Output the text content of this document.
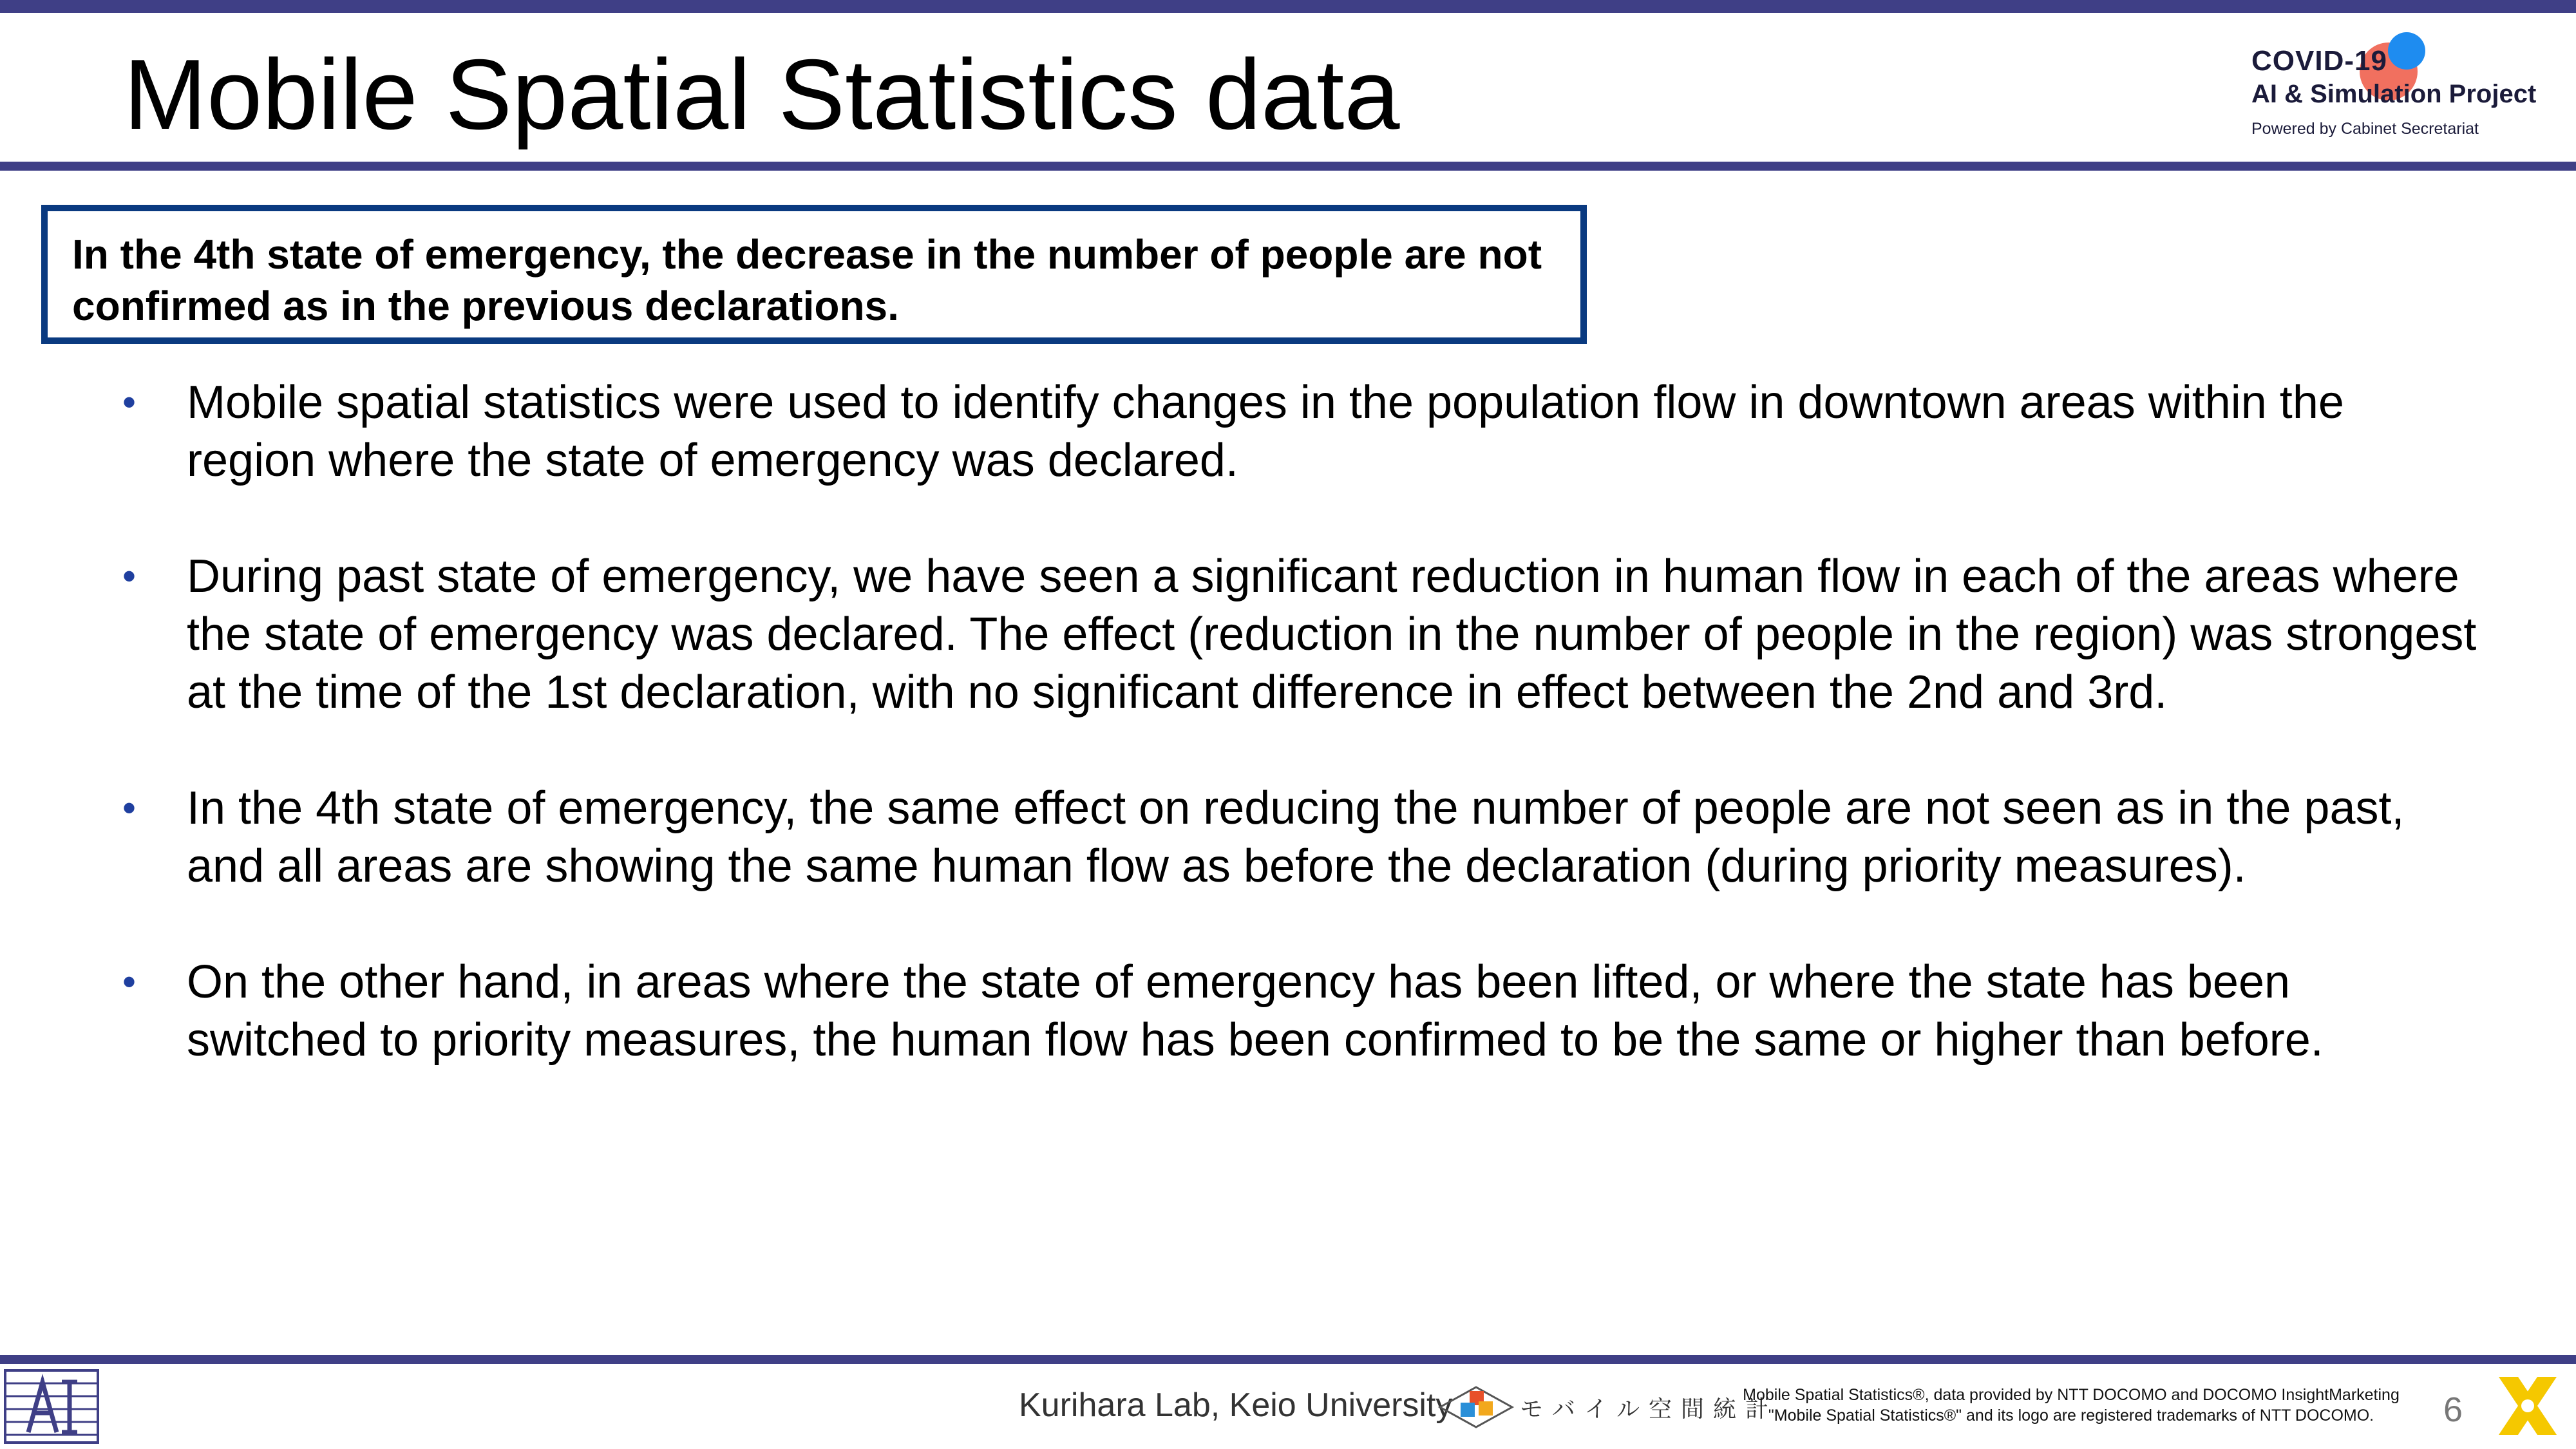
Mobile Spatial Statistics data	COVID-19
AI & Simulation Project
Powered by Cabinet Secretariat

In the 4th state of emergency, the decrease in the number of people are not confirmed as in the previous declarations.

• Mobile spatial statistics were used to identify changes in the population flow in downtown areas within the region where the state of emergency was declared.
• During past state of emergency, we have seen a significant reduction in human flow in each of the areas where the state of emergency was declared. The effect (reduction in the number of people in the region) was strongest at the time of the 1st declaration, with no significant difference in effect between the 2nd and 3rd.
• In the 4th state of emergency, the same effect on reducing the number of people are not seen as in the past, and all areas are showing the same human flow as before the declaration (during priority measures).
• On the other hand, in areas where the state of emergency has been lifted, or where the state has been switched to priority measures, the human flow has been confirmed to be the same or higher than before.
Kurihara Lab, Keio University	モバイル空間統計
Mobile Spatial Statistics®, data provided by NTT DOCOMO and DOCOMO InsightMarketing
"Mobile Spatial Statistics®" and its logo are registered trademarks of NTT DOCOMO.	6
